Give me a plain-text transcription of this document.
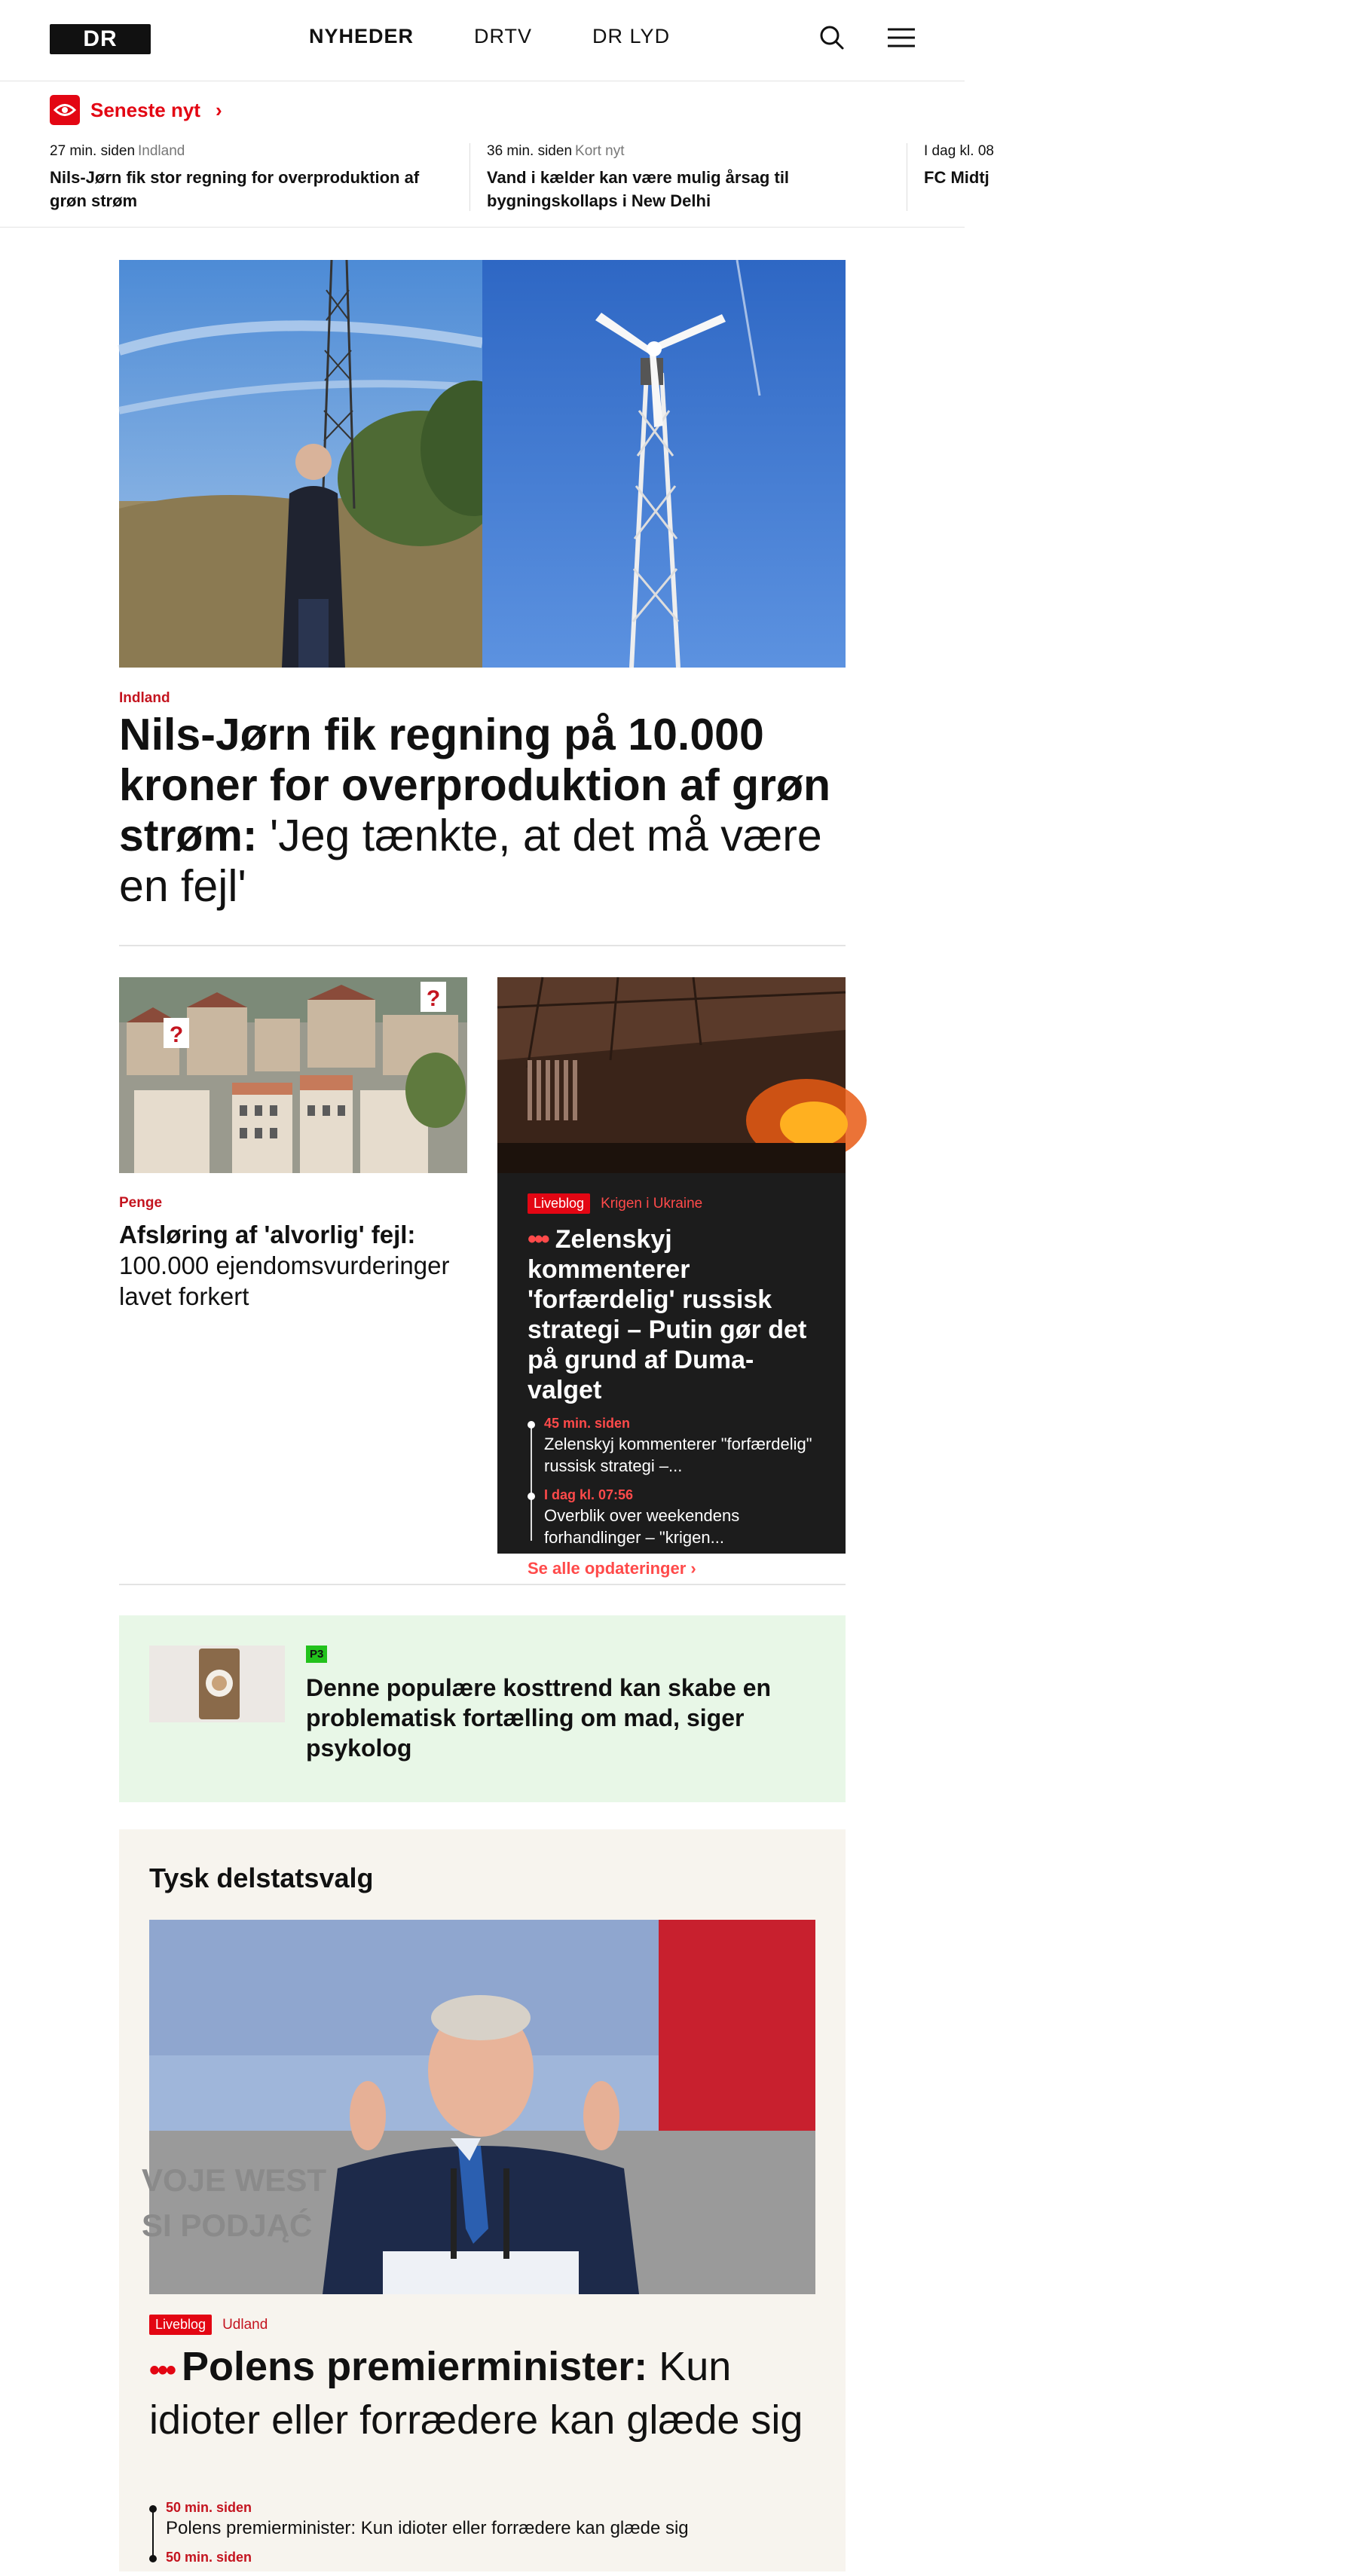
DR	NYHEDER	DRTV	DR LYD
Seneste nyt ›
27 min. siden Indland
Nils-Jørn fik stor regning for overproduktion af grøn strøm
36 min. siden Kort nyt
Vand i kælder kan være mulig årsag til bygningskollaps i New Delhi
I dag kl. 08
FC Midtj
Indland
Nils-Jørn fik regning på 10.000 kroner for overproduktion af grøn strøm: 'Jeg tænkte, at det må være en fejl'
?
?
Penge
Afsløring af 'alvorlig' fejl: 100.000 ejendomsvurderinger lavet forkert
Liveblog	Krigen i Ukraine
••• Zelenskyj kommenterer 'forfærdelig' russisk strategi – Putin gør det på grund af Duma-valget
45 min. siden
Zelenskyj kommenterer "forfærdelig" russisk strategi –...
I dag kl. 07:56
Overblik over weekendens forhandlinger – "krigen...
Se alle opdateringer ›
P3
Denne populære kosttrend kan skabe en problematisk fortælling om mad, siger psykolog
Tysk delstatsvalg
VOJE WEST
SI PODJĄĆ
Liveblog	Udland
••• Polens premierminister: Kun idioter eller forrædere kan glæde sig
50 min. siden
Polens premierminister: Kun idioter eller forrædere kan glæde sig
50 min. siden
